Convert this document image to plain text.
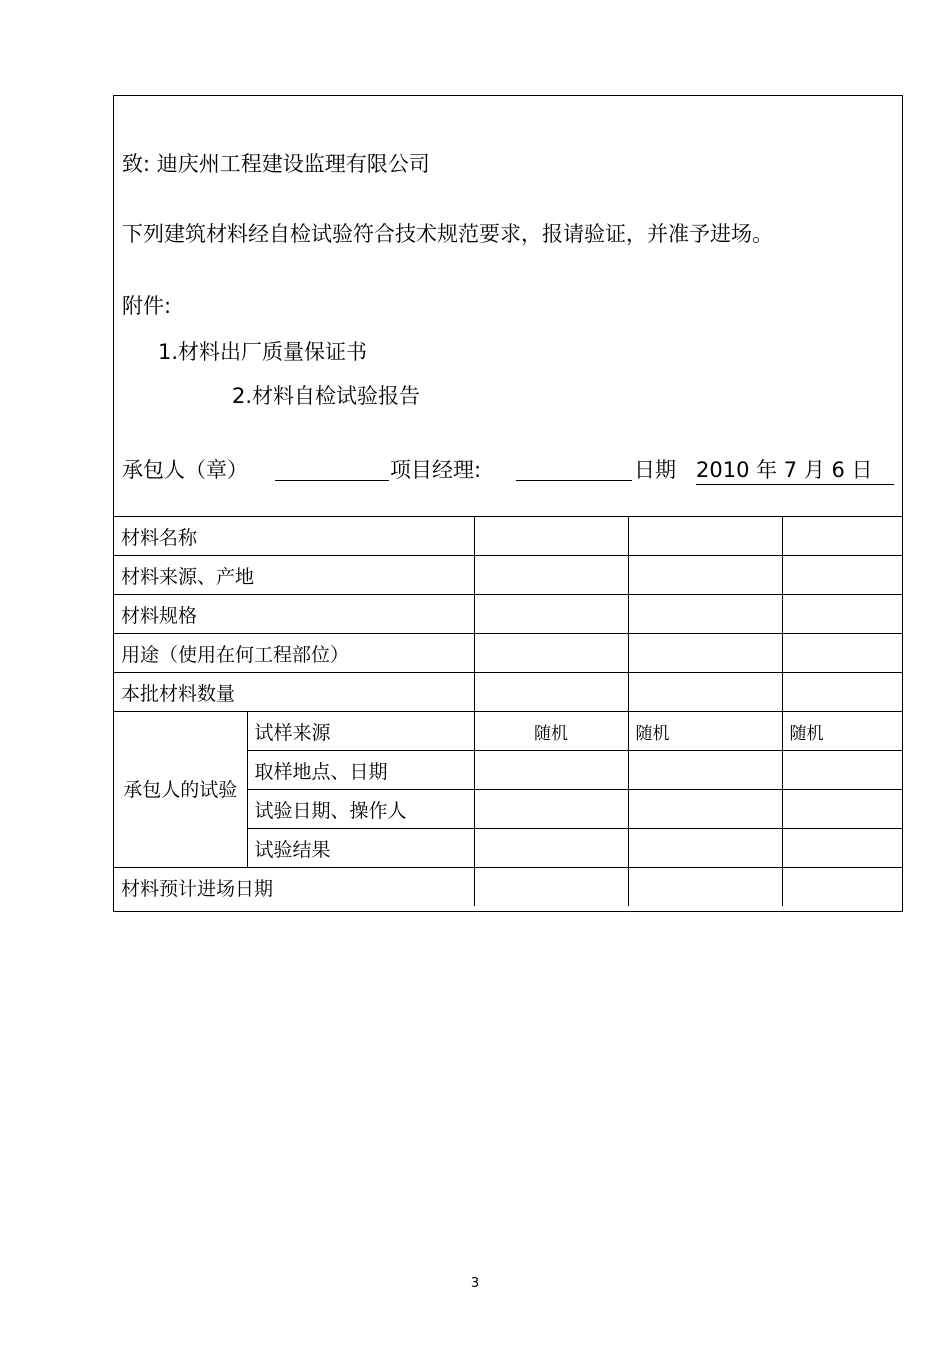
致: 迪庆州工程建设监理有限公司
下列建筑材料经自检试验符合技术规范要求，报请验证，并准予进场。
附件:
1.材料出厂质量保证书
2.材料自检试验报告
承包人（章）	项目经理:	日期 2010 年 7 月 6 日
材料名称				
材料来源、产地				
材料规格				
用途（使用在何工程部位）				
本批材料数量				
承包人的试验	试样来源	随机	随机	随机
	取样地点、日期			
	试验日期、操作人			
	试验结果			
材料预计进场日期				
3
